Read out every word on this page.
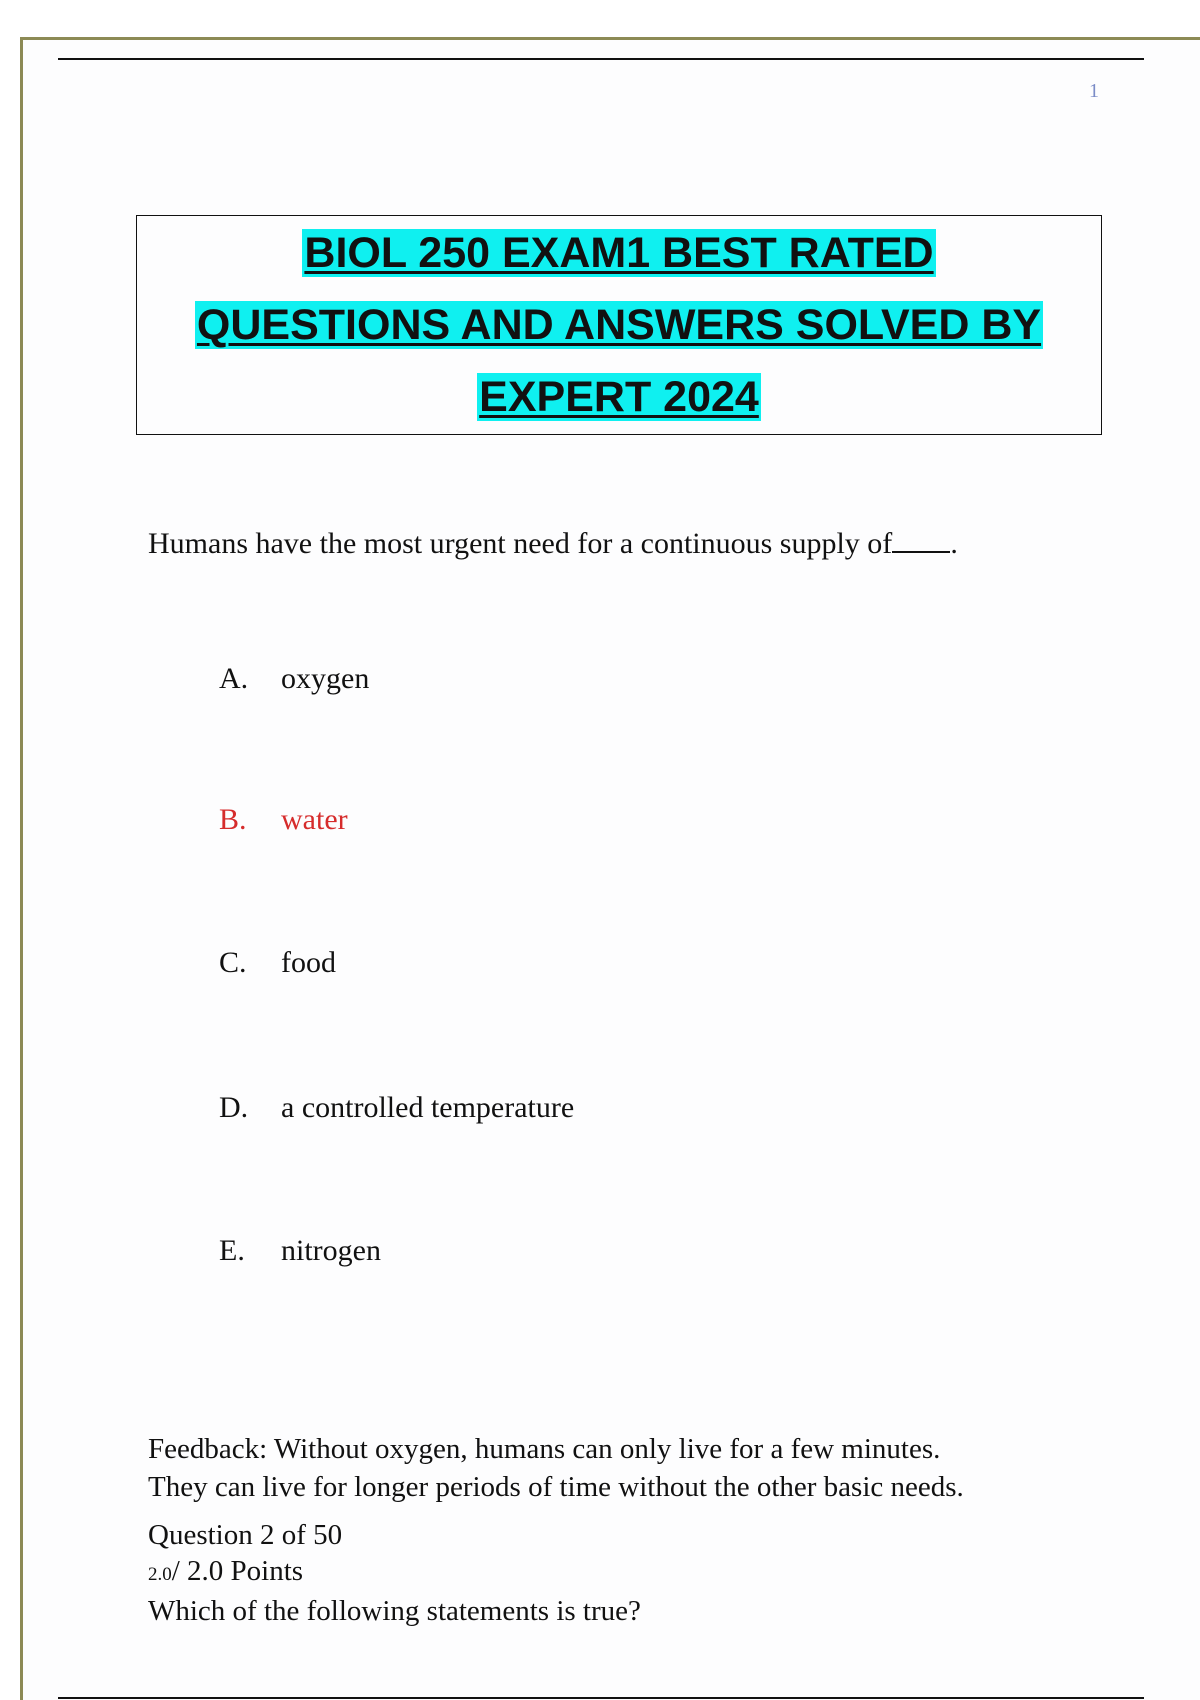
1
BIOL 250 EXAM1 BEST RATED
QUESTIONS AND ANSWERS SOLVED BY
EXPERT 2024
Humans have the most urgent need for a continuous supply of .
A. oxygen
B. water
C. food
D. a controlled temperature
E. nitrogen
Feedback: Without oxygen, humans can only live for a few minutes.
They can live for longer periods of time without the other basic needs.
Question 2 of 50
2.0/ 2.0 Points
Which of the following statements is true?
